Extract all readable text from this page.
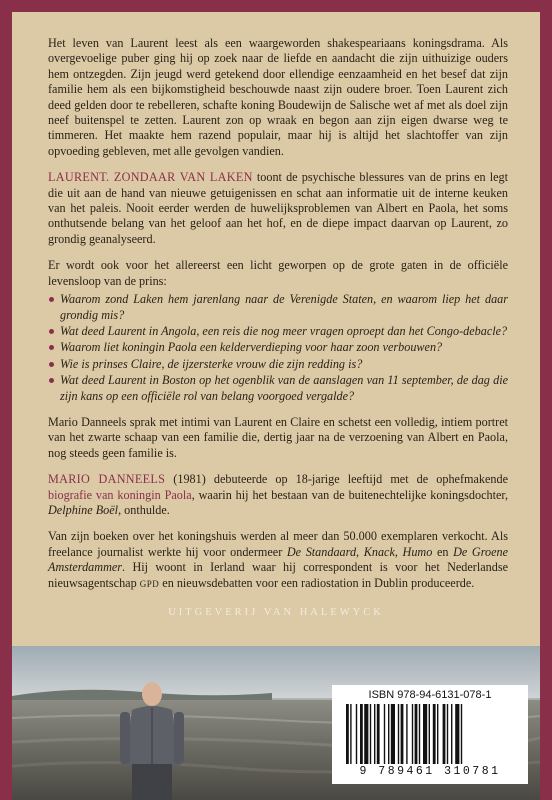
Het leven van Laurent leest als een waargeworden shakespeariaans koningsdrama. Als overgevoelige puber ging hij op zoek naar de liefde en aandacht die zijn uithuizige ouders hem ontzegden. Zijn jeugd werd getekend door ellendige eenzaamheid en het besef dat zijn familie hem als een bijkomstigheid beschouwde naast zijn oudere broer. Toen Laurent zich deed gelden door te rebelleren, schafte koning Boudewijn de Salische wet af met als doel zijn neef buitenspel te zetten. Laurent zon op wraak en begon aan zijn eigen dwarse weg te timmeren. Het maakte hem razend populair, maar hij is altijd het slachtoffer van zijn opvoeding gebleven, met alle gevolgen vandien.

LAURENT. ZONDAAR VAN LAKEN toont de psychische blessures van de prins en legt die uit aan de hand van nieuwe getuigenissen en schat aan informatie uit de interne keuken van het paleis. Nooit eerder werden de huwelijksproblemen van Albert en Paola, het soms onthutsende belang van het geloof aan het hof, en de diepe impact daarvan op Laurent, zo grondig geanalyseerd.

Er wordt ook voor het allereerst een licht geworpen op de grote gaten in de officiële levensloop van de prins:

Waarom zond Laken hem jarenlang naar de Verenigde Staten, en waarom liep het daar grondig mis?
Wat deed Laurent in Angola, een reis die nog meer vragen oproept dan het Congo-debacle?
Waarom liet koningin Paola een kelderverdieping voor haar zoon verbouwen?
Wie is prinses Claire, de ijzersterke vrouw die zijn redding is?
Wat deed Laurent in Boston op het ogenblik van de aanslagen van 11 september, de dag die zijn kans op een officiële rol van belang voorgoed vergalde?

Mario Danneels sprak met intimi van Laurent en Claire en schetst een volledig, intiem portret van het zwarte schaap van een familie die, dertig jaar na de verzoening van Albert en Paola, nog steeds geen familie is.

MARIO DANNEELS (1981) debuteerde op 18-jarige leeftijd met de ophefmakende biografie van koningin Paola, waarin hij het bestaan van de buitenechtelijke koningsdochter, Delphine Boël, onthulde.

Van zijn boeken over het koningshuis werden al meer dan 50.000 exemplaren verkocht. Als freelance journalist werkte hij voor ondermeer De Standaard, Knack, Humo en De Groene Amsterdammer. Hij woont in Ierland waar hij correspondent is voor het Nederlandse nieuwsagentschap gpd en nieuwsdebatten voor een radiostation in Dublin produceerde.

UITGEVERIJ VAN HALEWYCK
ISBN 978-94-6131-078-1
9 789461 310781
